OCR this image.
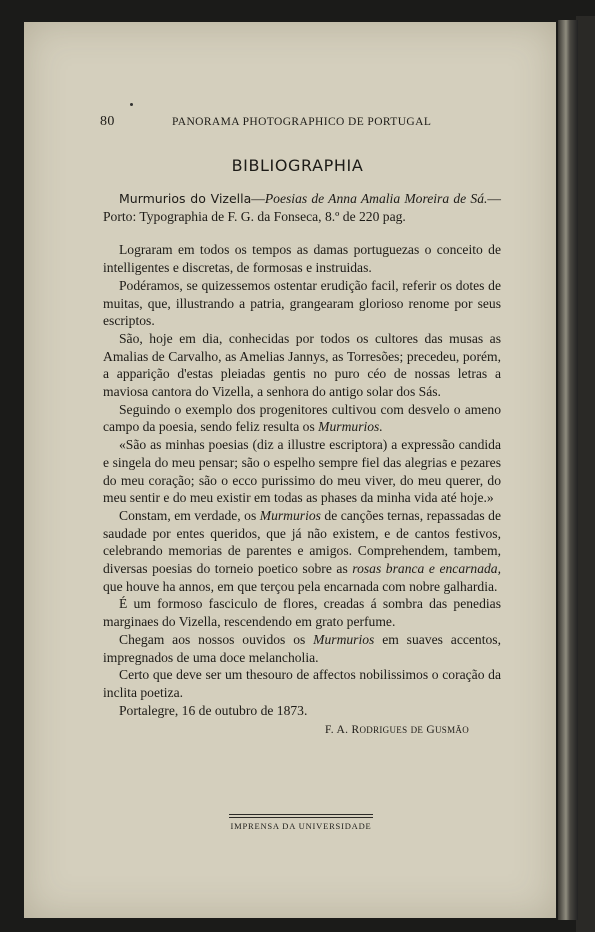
80	PANORAMA PHOTOGRAPHICO DE PORTUGAL
BIBLIOGRAPHIA

Murmurios do Vizella—Poesias de Anna Amalia Moreira de Sá.—Porto: Typographia de F. G. da Fonseca, 8.º de 220 pag.

Lograram em todos os tempos as damas portuguezas o conceito de intelligentes e discretas, de formosas e instruidas.

Podéramos, se quizessemos ostentar erudição facil, referir os dotes de muitas, que, illustrando a patria, grangearam glorioso renome por seus escriptos.

São, hoje em dia, conhecidas por todos os cultores das musas as Amalias de Carvalho, as Amelias Jannys, as Torresões; precedeu, porém, a apparição d'estas pleiadas gentis no puro céo de nossas letras a maviosa cantora do Vizella, a senhora do antigo solar dos Sás.

Seguindo o exemplo dos progenitores cultivou com desvelo o ameno campo da poesia, sendo feliz resulta os Murmurios.

«São as minhas poesias (diz a illustre escriptora) a expressão candida e singela do meu pensar; são o espelho sempre fiel das alegrias e pezares do meu coração; são o ecco purissimo do meu viver, do meu querer, do meu sentir e do meu existir em todas as phases da minha vida até hoje.»

Constam, em verdade, os Murmurios de canções ternas, repassadas de saudade por entes queridos, que já não existem, e de cantos festivos, celebrando memorias de parentes e amigos. Comprehendem, tambem, diversas poesias do torneio poetico sobre as rosas branca e encarnada, que houve ha annos, em que terçou pela encarnada com nobre galhardia.

É um formoso fasciculo de flores, creadas á sombra das penedias marginaes do Vizella, rescendendo em grato perfume.

Chegam aos nossos ouvidos os Murmurios em suaves accentos, impregnados de uma doce melancholia.

Certo que deve ser um thesouro de affectos nobilissimos o coração da inclita poetiza.

Portalegre, 16 de outubro de 1873.

F. A. RODRIGUES DE GUSMÃO
IMPRENSA DA UNIVERSIDADE
